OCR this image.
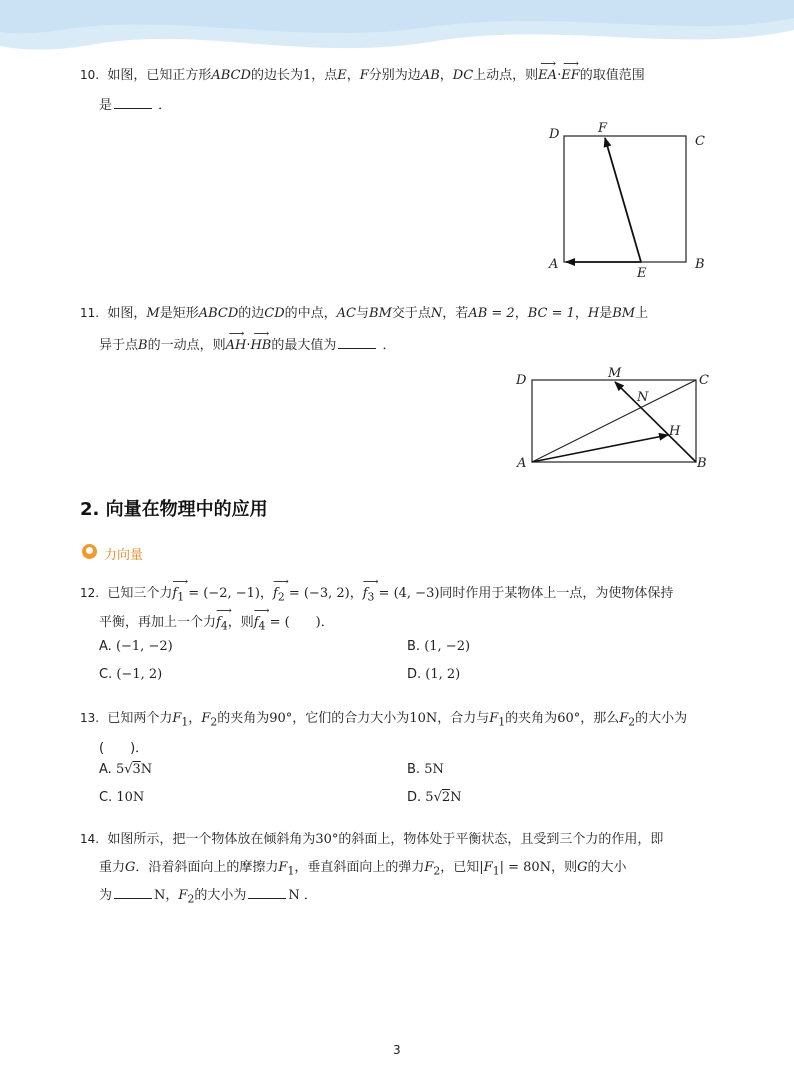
10. 如图，已知正方形ABCD的边长为1，点E，F分别为边AB，DC上动点，则⟶ EA·⟶ EF的取值范围
是	．
D	F
C
A
E
B
11. 如图，M是矩形ABCD的边CD的中点，AC与BM交于点N，若AB = 2，BC = 1，H是BM上
异于点B的一动点，则⟶ AH·⟶ HB的最大值为	．
D	M	C
N
H
A	B
2. 向量在物理中的应用
力向量
12. 已知三个力⟶ $f_1 = (-2$, −1)，⟶ $f_2 = (-3$, 2)，⟶ $f_3 = (4$, −3)同时作用于某物体上一点，为使物体保持
平衡，再加上一个力⟶ $f_4$，则⟶ $f_4$ = (　　)．
A. (−1, −2)	B. (1, −2)
C. (−1, 2)	D. (1, 2)
13. 已知两个力$F_1$，$F_2$的夹角为90°，它们的合力大小为10N，合力与$F_1$的夹角为60°，那么$F_2$的大小为
(　　)．
A. 5√3N	B. 5N
C. 10N	D. 5√2N
14. 如图所示，把一个物体放在倾斜角为30°的斜面上，物体处于平衡状态，且受到三个力的作用，即
重力G．沿着斜面向上的摩擦力$F_1$，垂直斜面向上的弹力$F_2$，已知$|F_1| = 80N$，则G的大小
为	N，$F_2$的大小为	N ．
3
